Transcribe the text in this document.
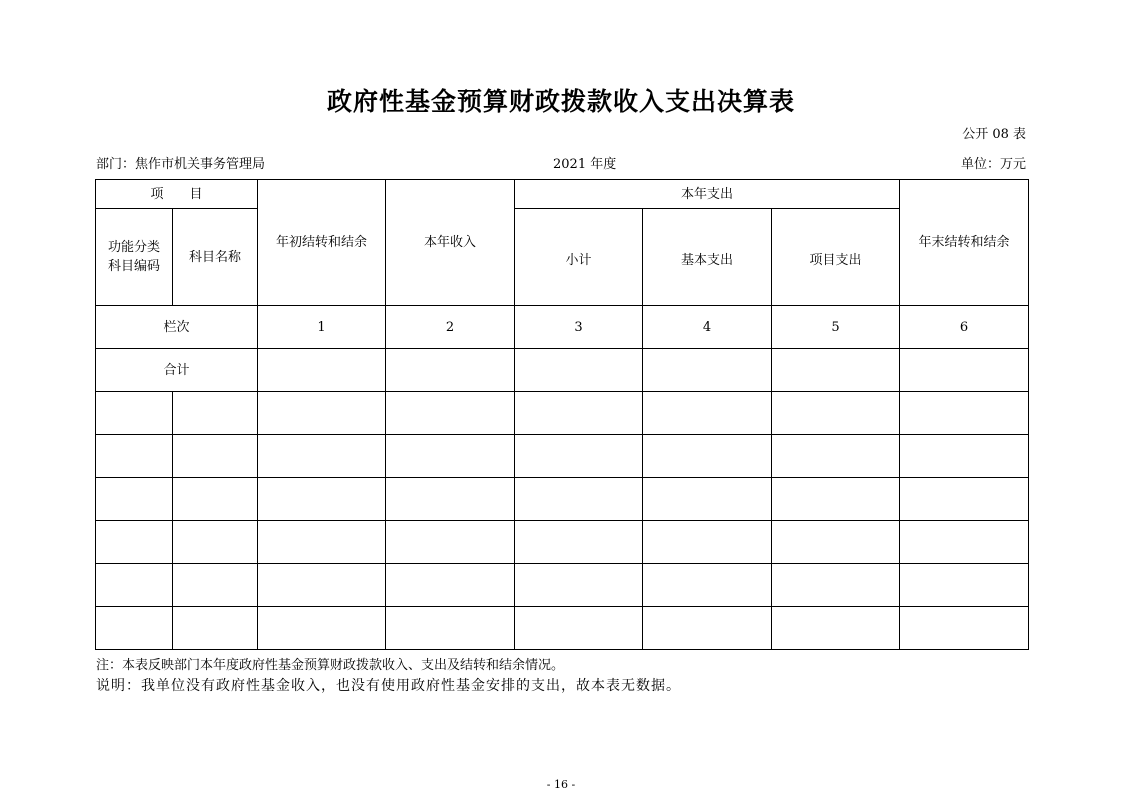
政府性基金预算财政拨款收入支出决算表
公开 08 表
部门：焦作市机关事务管理局	2021 年度	单位：万元
项　　目		年初结转和结余	本年收入	本年支出			年末结转和结余

功能分类
科目编码	科目名称			小计	基本支出	项目支出	
栏次		1	2	3	4	5	6
合计							

注：本表反映部门本年度政府性基金预算财政拨款收入、支出及结转和结余情况。
说明：我单位没有政府性基金收入，也没有使用政府性基金安排的支出，故本表无数据。
- 16 -
